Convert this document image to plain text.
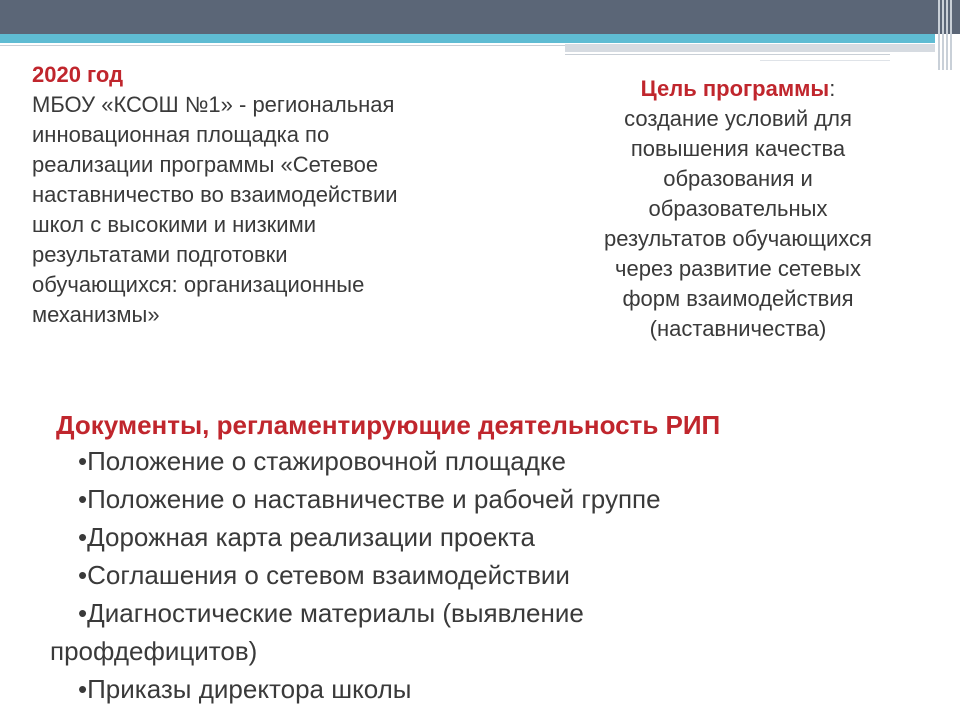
2020 год
МБОУ «КСОШ №1» - региональная
инновационная площадка по
реализации программы «Сетевое
наставничество во взаимодействии
школ с высокими и низкими
результатами подготовки
обучающихся: организационные
механизмы»
Цель программы:
создание условий для
повышения качества
образования и
образовательных
результатов обучающихся
через развитие сетевых
форм взаимодействия
(наставничества)
Документы, регламентирующие деятельность РИП
•Положение о стажировочной площадке
•Положение о наставничестве и рабочей группе
•Дорожная карта реализации проекта
•Соглашения о сетевом взаимодействии
•Диагностические материалы (выявление
профдефицитов)
•Приказы директора школы
